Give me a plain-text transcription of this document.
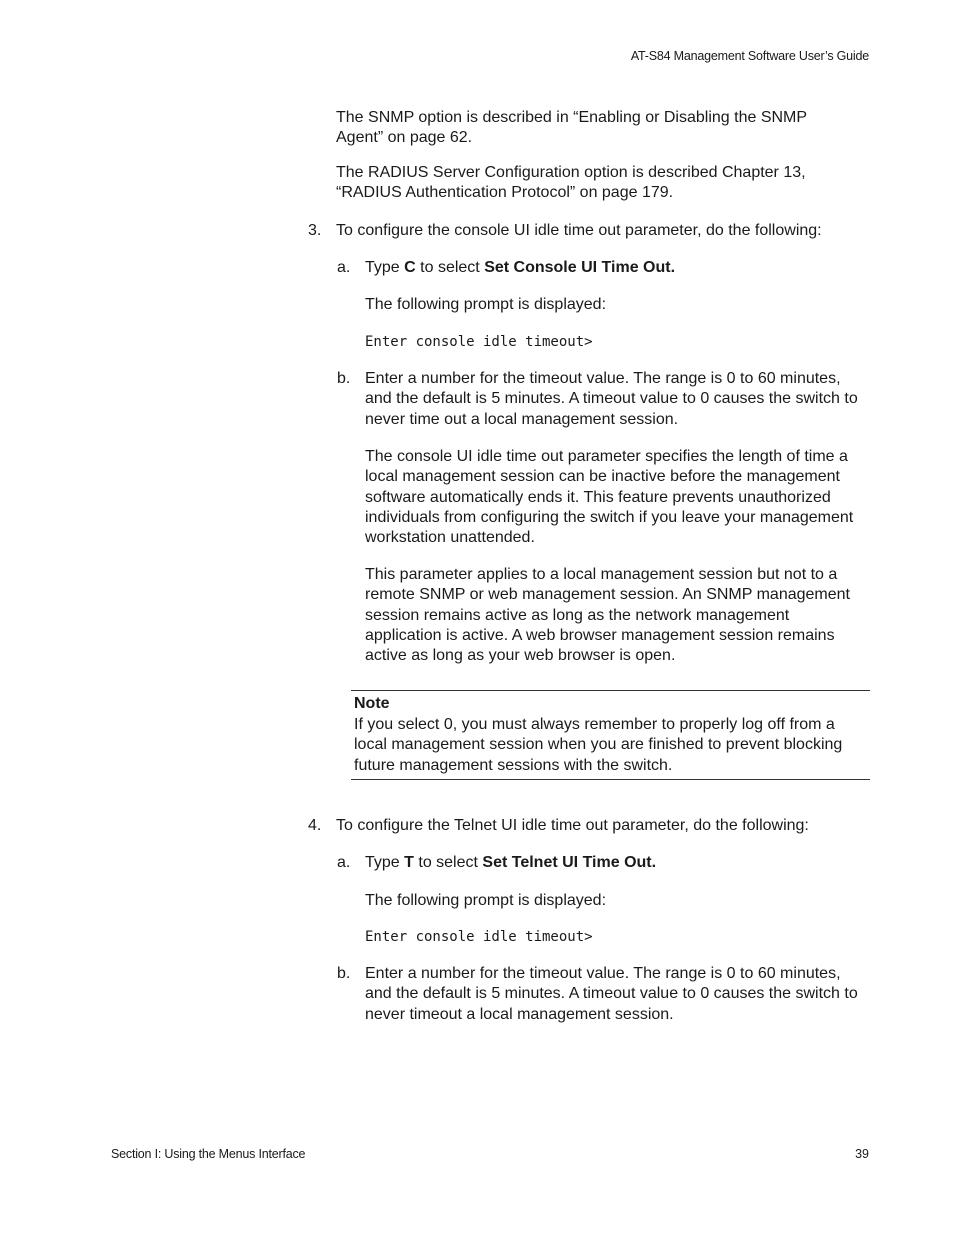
AT-S84 Management Software User’s Guide

The SNMP option is described in “Enabling or Disabling the SNMP Agent” on page 62.

The RADIUS Server Configuration option is described Chapter 13, “RADIUS Authentication Protocol” on page 179.

3. To configure the console UI idle time out parameter, do the following:

a. Type C to select Set Console UI Time Out.

The following prompt is displayed:

Enter console idle timeout>
b. Enter a number for the timeout value. The range is 0 to 60 minutes, and the default is 5 minutes. A timeout value to 0 causes the switch to never time out a local management session.

The console UI idle time out parameter specifies the length of time a local management session can be inactive before the management software automatically ends it. This feature prevents unauthorized individuals from configuring the switch if you leave your management workstation unattended.

This parameter applies to a local management session but not to a remote SNMP or web management session. An SNMP management session remains active as long as the network management application is active. A web browser management session remains active as long as your web browser is open.

Note

If you select 0, you must always remember to properly log off from a local management session when you are finished to prevent blocking future management sessions with the switch.

4. To configure the Telnet UI idle time out parameter, do the following:

a. Type T to select Set Telnet UI Time Out.

The following prompt is displayed:

Enter console idle timeout>
b. Enter a number for the timeout value. The range is 0 to 60 minutes, and the default is 5 minutes. A timeout value to 0 causes the switch to never timeout a local management session.

Section I: Using the Menus Interface	39
